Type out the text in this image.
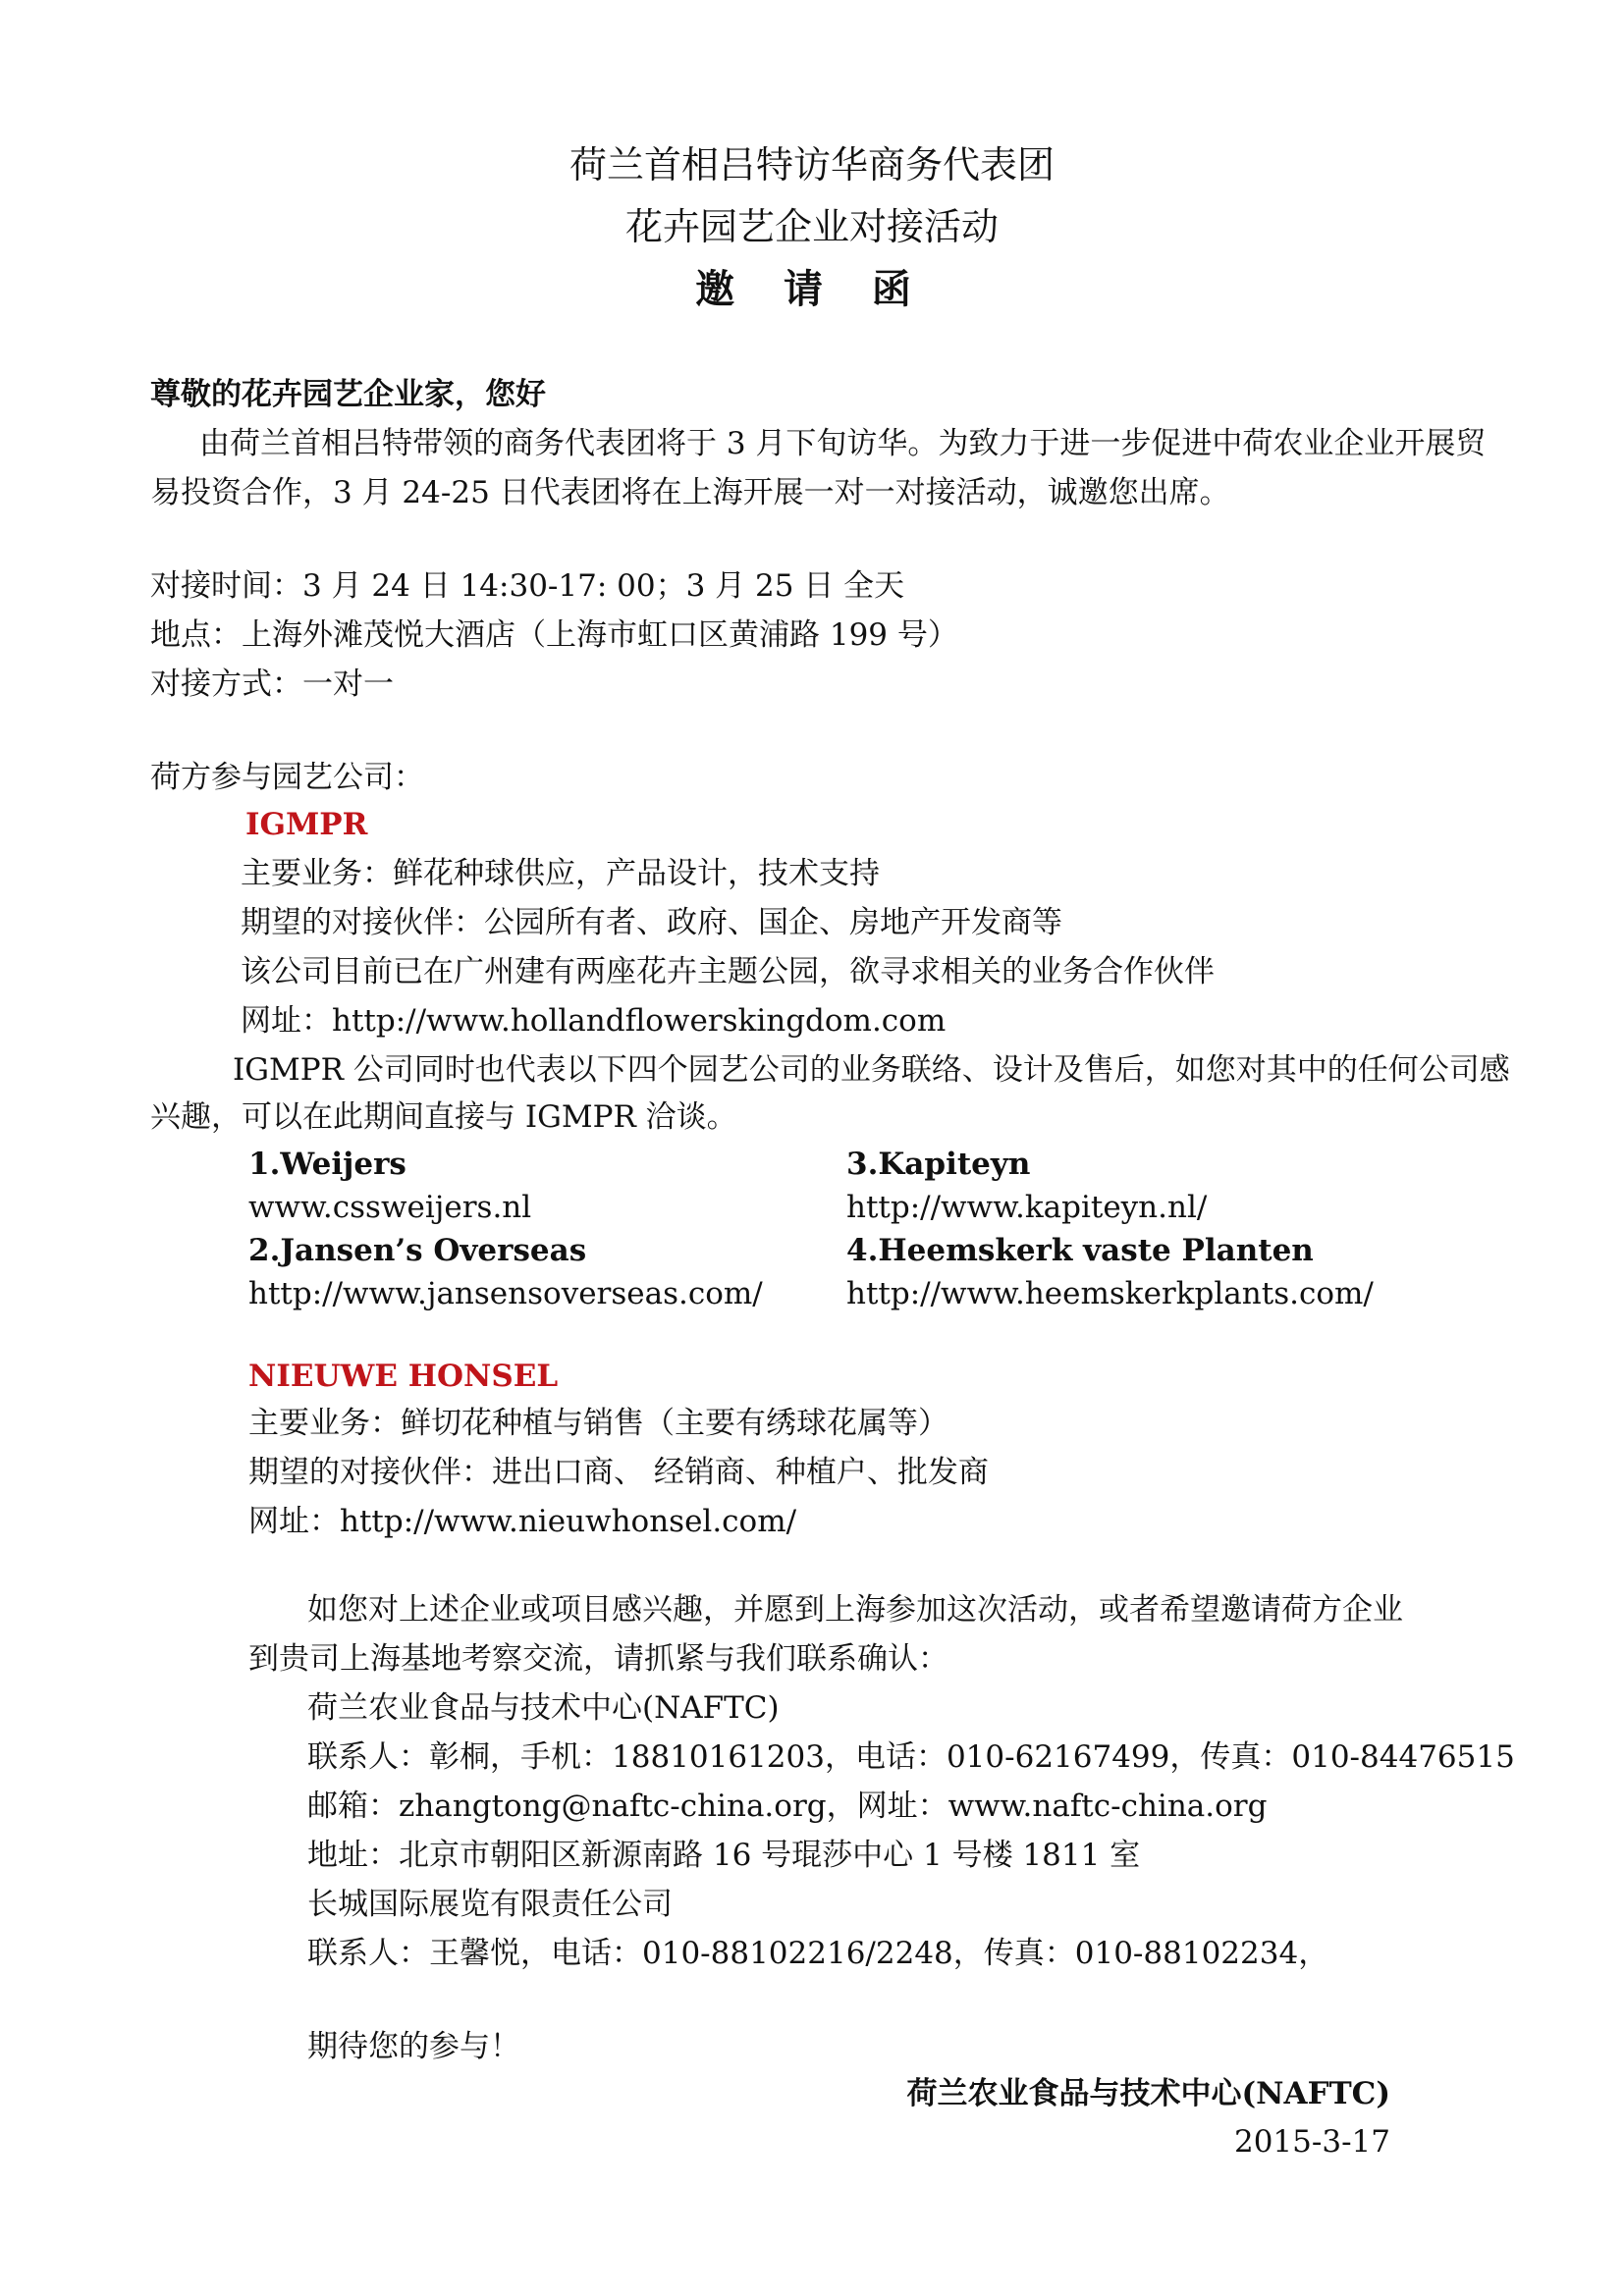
荷兰首相吕特访华商务代表团
花卉园艺企业对接活动
邀 请 函
尊敬的花卉园艺企业家，您好
由荷兰首相吕特带领的商务代表团将于 3 月下旬访华。为致力于进一步促进中荷农业企业开展贸
易投资合作，3 月 24-25 日代表团将在上海开展一对一对接活动，诚邀您出席。
对接时间：3 月 24 日 14:30-17: 00；3 月 25 日 全天
地点：上海外滩茂悦大酒店（上海市虹口区黄浦路 199 号）
对接方式：一对一
荷方参与园艺公司：
IGMPR
主要业务：鲜花种球供应，产品设计，技术支持
期望的对接伙伴：公园所有者、政府、国企、房地产开发商等
该公司目前已在广州建有两座花卉主题公园，欲寻求相关的业务合作伙伴
网址：http://www.hollandflowerskingdom.com
IGMPR 公司同时也代表以下四个园艺公司的业务联络、设计及售后，如您对其中的任何公司感
兴趣，可以在此期间直接与 IGMPR 洽谈。
1.Weijers
www.cssweijers.nl
2.Jansen’s Overseas
http://www.jansensoverseas.com/
3.Kapiteyn
http://www.kapiteyn.nl/
4.Heemskerk vaste Planten
http://www.heemskerkplants.com/
NIEUWE HONSEL
主要业务：鲜切花种植与销售（主要有绣球花属等）
期望的对接伙伴：进出口商、 经销商、种植户、批发商
网址：http://www.nieuwhonsel.com/
如您对上述企业或项目感兴趣，并愿到上海参加这次活动，或者希望邀请荷方企业
到贵司上海基地考察交流，请抓紧与我们联系确认：
荷兰农业食品与技术中心(NAFTC)
联系人：彰桐，手机：18810161203，电话：010-62167499，传真：010-84476515
邮箱：zhangtong@naftc-china.org，网址：www.naftc-china.org
地址：北京市朝阳区新源南路 16 号琨莎中心 1 号楼 1811 室
长城国际展览有限责任公司
联系人：王馨悦，电话：010-88102216/2248，传真：010-88102234，
期待您的参与！
荷兰农业食品与技术中心(NAFTC)
2015-3-17
